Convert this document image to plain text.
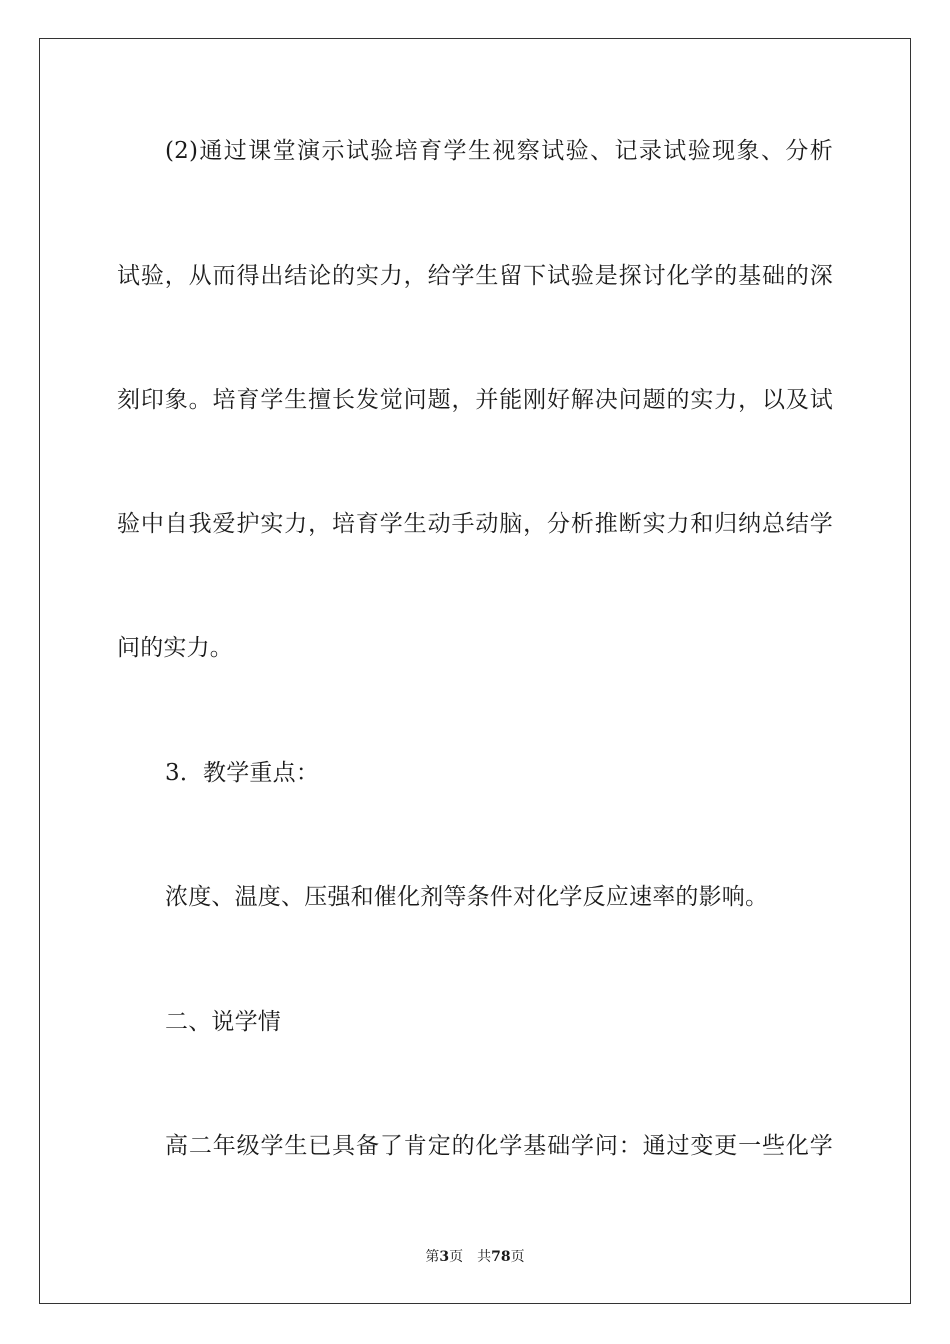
(2)通过课堂演示试验培育学生视察试验、记录试验现象、分析
试验，从而得出结论的实力，给学生留下试验是探讨化学的基础的深
刻印象。培育学生擅长发觉问题，并能刚好解决问题的实力，以及试
验中自我爱护实力，培育学生动手动脑，分析推断实力和归纳总结学
问的实力。
3．教学重点：
浓度、温度、压强和催化剂等条件对化学反应速率的影响。
二、说学情
高二年级学生已具备了肯定的化学基础学问：通过变更一些化学
第3页 共78页
